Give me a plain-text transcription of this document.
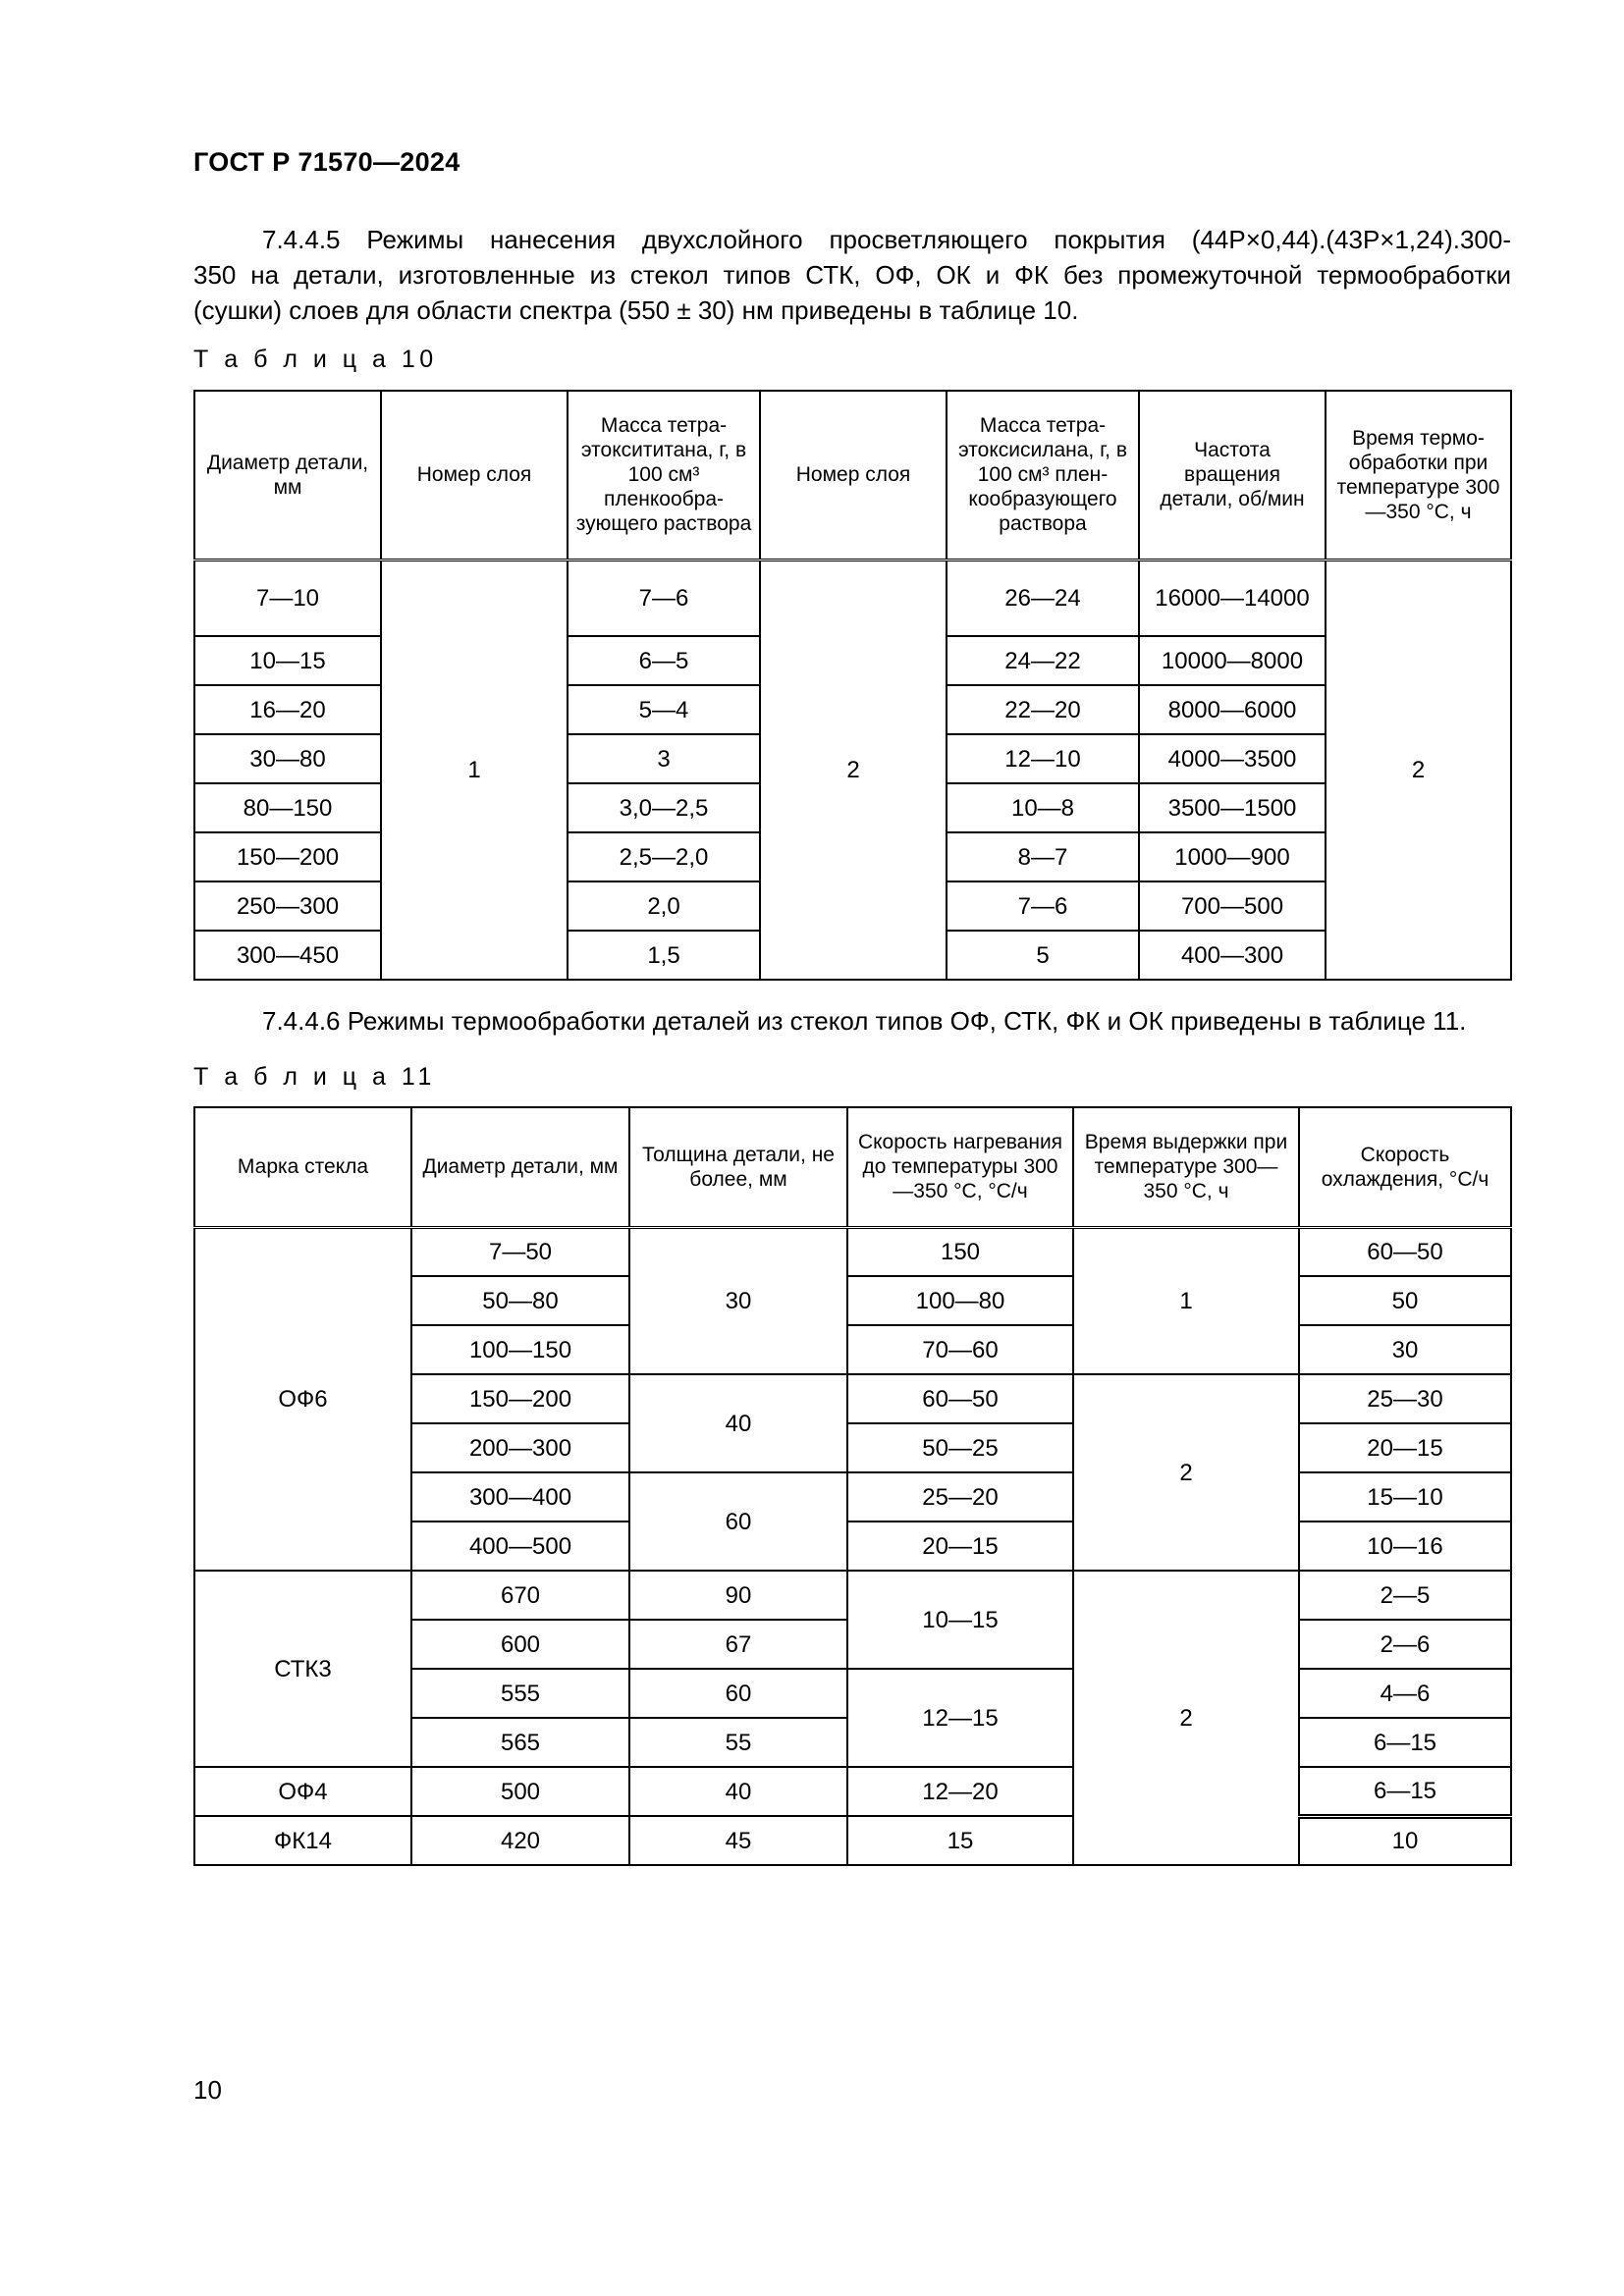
ГОСТ Р 71570—2024
7.4.4.5 Режимы нанесения двухслойного просветляющего покрытия (44Р×0,44).(43Р×1,24).300-
350 на детали, изготовленные из стекол типов СТК, ОФ, ОК и ФК без промежуточной термообработки
(сушки) слоев для области спектра (550 ± 30) нм приведены в таблице 10.
Т а б л и ц а 10
Диаметр детали, мм	Номер слоя	Масса тетра-этоксититана, г, в 100 см³ пленкообра-зующего раствора	Номер слоя	Масса тетра-этоксисилана, г, в 100 см³ плен-кообразующего раствора	Частота вращения детали, об/мин	Время термо-обработки при температуре 300—350 °С, ч
7—10	1	7—6	2	26—24	16000—14000	2
10—15		6—5		24—22	10000—8000	
16—20		5—4		22—20	8000—6000	
30—80		3		12—10	4000—3500	
80—150		3,0—2,5		10—8	3500—1500	
150—200		2,5—2,0		8—7	1000—900	
250—300		2,0		7—6	700—500	
300—450		1,5		5	400—300	
7.4.4.6 Режимы термообработки деталей из стекол типов ОФ, СТК, ФК и ОК приведены в таблице 11.
Т а б л и ц а 11
Марка стекла	Диаметр детали, мм	Толщина детали, не более, мм	Скорость нагревания до температуры 300—350 °С, °С/ч	Время выдержки при температуре 300—350 °С, ч	Скорость охлаждения, °С/ч
ОФ6	7—50	30	150	1	60—50
	50—80		100—80		50
	100—150		70—60		30
	150—200	40	60—50	2	25—30
	200—300		50—25		20—15
	300—400	60	25—20		15—10
	400—500		20—15		10—16
СТК3	670	90	10—15	2	2—5
	600	67			2—6
	555	60	12—15		4—6
	565	55			6—15
ОФ4	500	40	12—20		6—15
ФК14	420	45	15		10
10
